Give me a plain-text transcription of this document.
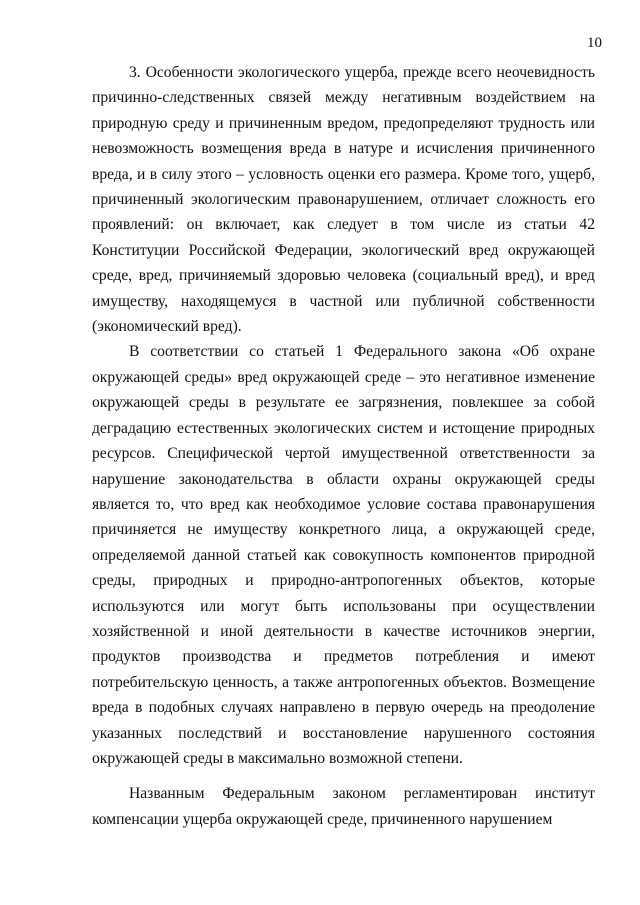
10

3. Особенности экологического ущерба, прежде всего неочевидность причинно-следственных связей между негативным воздействием на природную среду и причиненным вредом, предопределяют трудность или невозможность возмещения вреда в натуре и исчисления причиненного вреда, и в силу этого – условность оценки его размера. Кроме того, ущерб, причиненный экологическим правонарушением, отличает сложность его проявлений: он включает, как следует в том числе из статьи 42 Конституции Российской Федерации, экологический вред окружающей среде, вред, причиняемый здоровью человека (социальный вред), и вред имуществу, находящемуся в частной или публичной собственности (экономический вред).

В соответствии со статьей 1 Федерального закона «Об охране окружающей среды» вред окружающей среде – это негативное изменение окружающей среды в результате ее загрязнения, повлекшее за собой деградацию естественных экологических систем и истощение природных ресурсов. Специфической чертой имущественной ответственности за нарушение законодательства в области охраны окружающей среды является то, что вред как необходимое условие состава правонарушения причиняется не имуществу конкретного лица, а окружающей среде, определяемой данной статьей как совокупность компонентов природной среды, природных и природно-антропогенных объектов, которые используются или могут быть использованы при осуществлении хозяйственной и иной деятельности в качестве источников энергии, продуктов производства и предметов потребления и имеют потребительскую ценность, а также антропогенных объектов. Возмещение вреда в подобных случаях направлено в первую очередь на преодоление указанных последствий и восстановление нарушенного состояния окружающей среды в максимально возможной степени.

Названным Федеральным законом регламентирован институт компенсации ущерба окружающей среде, причиненного нарушением
